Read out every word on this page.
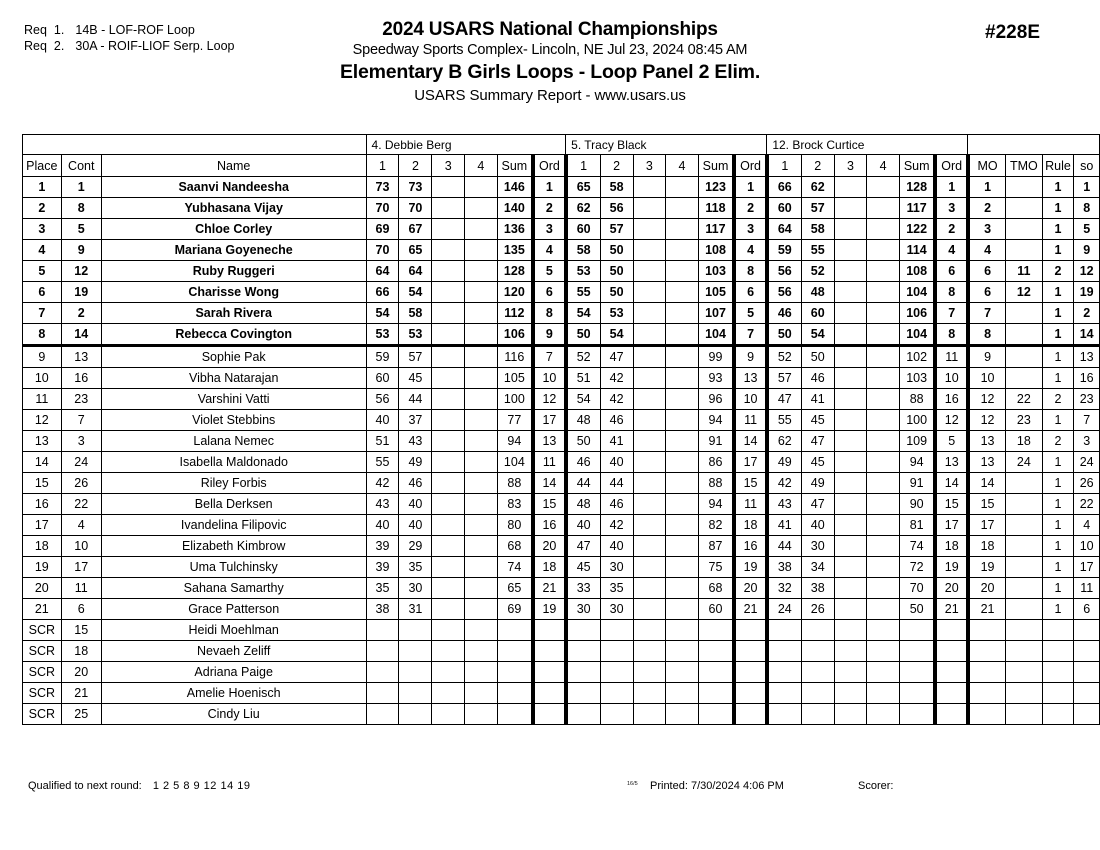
Req 1. 14B - LOF-ROF Loop
Req 2. 30A - ROIF-LIOF Serp. Loop
2024 USARS National Championships
Speedway Sports Complex- Lincoln, NE Jul 23, 2024 08:45 AM
Elementary B Girls Loops - Loop Panel 2 Elim.
USARS Summary Report - www.usars.us
#228E
			4. Debbie Berg						5. Tracy Black						12. Brock Curtice									
Place	Cont	Name	1	2	3	4	Sum	Ord	1	2	3	4	Sum	Ord	1	2	3	4	Sum	Ord	MO	TMO	Rule	so
1	1	Saanvi Nandeesha	73	73			146	1	65	58			123	1	66	62			128	1	1		1	1
2	8	Yubhasana Vijay	70	70			140	2	62	56			118	2	60	57			117	3	2		1	8
3	5	Chloe Corley	69	67			136	3	60	57			117	3	64	58			122	2	3		1	5
4	9	Mariana Goyeneche	70	65			135	4	58	50			108	4	59	55			114	4	4		1	9
5	12	Ruby Ruggeri	64	64			128	5	53	50			103	8	56	52			108	6	6	11	2	12
6	19	Charisse Wong	66	54			120	6	55	50			105	6	56	48			104	8	6	12	1	19
7	2	Sarah Rivera	54	58			112	8	54	53			107	5	46	60			106	7	7		1	2
8	14	Rebecca Covington	53	53			106	9	50	54			104	7	50	54			104	8	8		1	14
9	13	Sophie Pak	59	57			116	7	52	47			99	9	52	50			102	11	9		1	13
10	16	Vibha Natarajan	60	45			105	10	51	42			93	13	57	46			103	10	10		1	16
11	23	Varshini Vatti	56	44			100	12	54	42			96	10	47	41			88	16	12	22	2	23
12	7	Violet Stebbins	40	37			77	17	48	46			94	11	55	45			100	12	12	23	1	7
13	3	Lalana Nemec	51	43			94	13	50	41			91	14	62	47			109	5	13	18	2	3
14	24	Isabella Maldonado	55	49			104	11	46	40			86	17	49	45			94	13	13	24	1	24
15	26	Riley Forbis	42	46			88	14	44	44			88	15	42	49			91	14	14		1	26
16	22	Bella Derksen	43	40			83	15	48	46			94	11	43	47			90	15	15		1	22
17	4	Ivandelina Filipovic	40	40			80	16	40	42			82	18	41	40			81	17	17		1	4
18	10	Elizabeth Kimbrow	39	29			68	20	47	40			87	16	44	30			74	18	18		1	10
19	17	Uma Tulchinsky	39	35			74	18	45	30			75	19	38	34			72	19	19		1	17
20	11	Sahana Samarthy	35	30			65	21	33	35			68	20	32	38			70	20	20		1	11
21	6	Grace Patterson	38	31			69	19	30	30			60	21	24	26			50	21	21		1	6
SCR	15	Heidi Moehlman																						
SCR	18	Nevaeh Zeliff																						
SCR	20	Adriana Paige																						
SCR	21	Amelie Hoenisch																						
SCR	25	Cindy Liu																						
Qualified to next round: 1 2 5 8 9 12 14 19	16/5 Printed: 7/30/2024 4:06 PM	Scorer:
